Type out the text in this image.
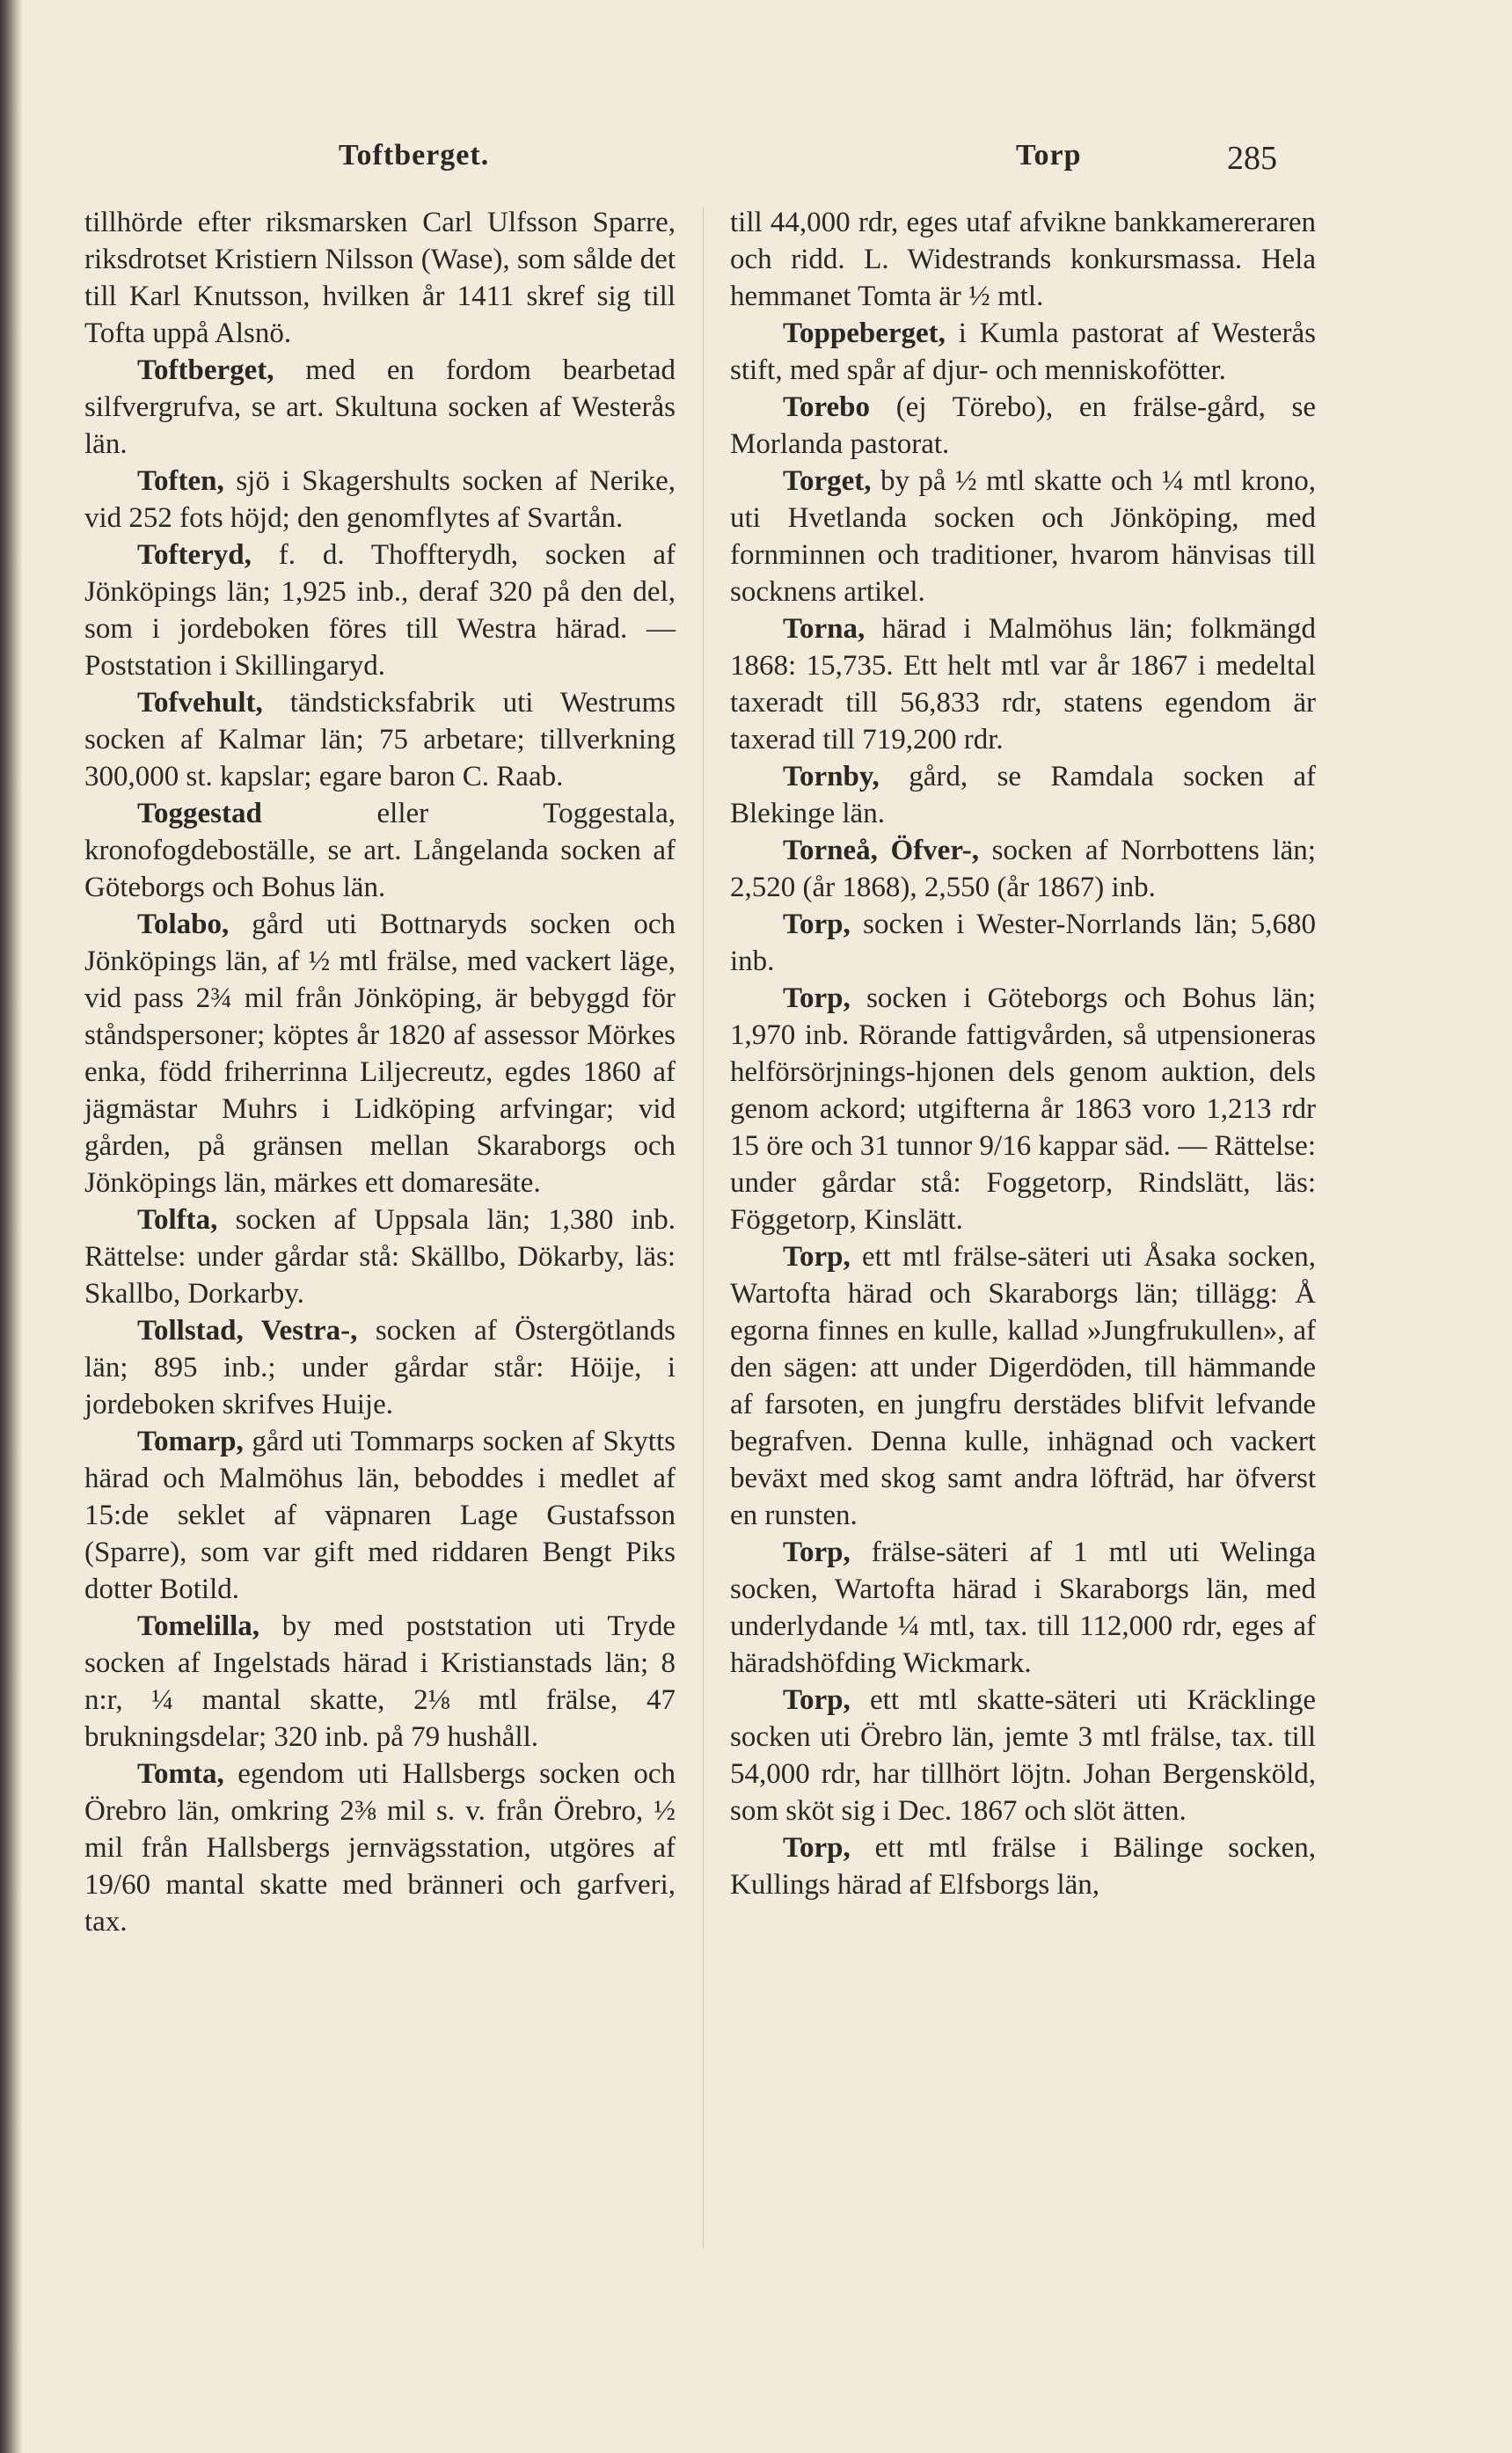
Toftberget.	Torp	285

tillhörde efter riksmarsken Carl Ulfsson Sparre, riksdrotset Kristiern Nilsson (Wase), som sålde det till Karl Knutsson, hvilken år 1411 skref sig till Tofta uppå Alsnö.

Toftberget, med en fordom bearbetad silfvergrufva, se art. Skultuna socken af Westerås län.

Toften, sjö i Skagershults socken af Nerike, vid 252 fots höjd; den genomflytes af Svartån.

Tofteryd, f. d. Thoffterydh, socken af Jönköpings län; 1,925 inb., deraf 320 på den del, som i jordeboken föres till Westra härad. — Poststation i Skillingaryd.

Tofvehult, tändsticksfabrik uti Westrums socken af Kalmar län; 75 arbetare; tillverkning 300,000 st. kapslar; egare baron C. Raab.

Toggestad eller Toggestala, kronofogdeboställe, se art. Långelanda socken af Göteborgs och Bohus län.

Tolabo, gård uti Bottnaryds socken och Jönköpings län, af ½ mtl frälse, med vackert läge, vid pass 2¾ mil från Jönköping, är bebyggd för ståndspersoner; köptes år 1820 af assessor Mörkes enka, född friherrinna Liljecreutz, egdes 1860 af jägmästar Muhrs i Lidköping arfvingar; vid gården, på gränsen mellan Skaraborgs och Jönköpings län, märkes ett domaresäte.

Tolfta, socken af Uppsala län; 1,380 inb. Rättelse: under gårdar stå: Skällbo, Dökarby, läs: Skallbo, Dorkarby.

Tollstad, Vestra-, socken af Östergötlands län; 895 inb.; under gårdar står: Höije, i jordeboken skrifves Huije.

Tomarp, gård uti Tommarps socken af Skytts härad och Malmöhus län, beboddes i medlet af 15:de seklet af väpnaren Lage Gustafsson (Sparre), som var gift med riddaren Bengt Piks dotter Botild.

Tomelilla, by med poststation uti Tryde socken af Ingelstads härad i Kristianstads län; 8 n:r, ¼ mantal skatte, 2⅛ mtl frälse, 47 brukningsdelar; 320 inb. på 79 hushåll.

Tomta, egendom uti Hallsbergs socken och Örebro län, omkring 2⅜ mil s. v. från Örebro, ½ mil från Hallsbergs jernvägsstation, utgöres af 19/60 mantal skatte med bränneri och garfveri, tax.

till 44,000 rdr, eges utaf afvikne bankkamereraren och ridd. L. Widestrands konkursmassa. Hela hemmanet Tomta är ½ mtl.

Toppeberget, i Kumla pastorat af Westerås stift, med spår af djur- och menniskofötter.

Torebo (ej Törebo), en frälse-gård, se Morlanda pastorat.

Torget, by på ½ mtl skatte och ¼ mtl krono, uti Hvetlanda socken och Jönköping, med fornminnen och traditioner, hvarom hänvisas till socknens artikel.

Torna, härad i Malmöhus län; folkmängd 1868: 15,735. Ett helt mtl var år 1867 i medeltal taxeradt till 56,833 rdr, statens egendom är taxerad till 719,200 rdr.

Tornby, gård, se Ramdala socken af Blekinge län.

Torneå, Öfver-, socken af Norrbottens län; 2,520 (år 1868), 2,550 (år 1867) inb.

Torp, socken i Wester-Norrlands län; 5,680 inb.

Torp, socken i Göteborgs och Bohus län; 1,970 inb. Rörande fattigvården, så utpensioneras helförsörjnings-hjonen dels genom auktion, dels genom ackord; utgifterna år 1863 voro 1,213 rdr 15 öre och 31 tunnor 9/16 kappar säd. — Rättelse: under gårdar stå: Foggetorp, Rindslätt, läs: Föggetorp, Kinslätt.

Torp, ett mtl frälse-säteri uti Åsaka socken, Wartofta härad och Skaraborgs län; tillägg: Å egorna finnes en kulle, kallad »Jungfrukullen», af den sägen: att under Digerdöden, till hämmande af farsoten, en jungfru derstädes blifvit lefvande begrafven. Denna kulle, inhägnad och vackert beväxt med skog samt andra löfträd, har öfverst en runsten.

Torp, frälse-säteri af 1 mtl uti Welinga socken, Wartofta härad i Skaraborgs län, med underlydande ¼ mtl, tax. till 112,000 rdr, eges af häradshöfding Wickmark.

Torp, ett mtl skatte-säteri uti Kräcklinge socken uti Örebro län, jemte 3 mtl frälse, tax. till 54,000 rdr, har tillhört löjtn. Johan Bergensköld, som sköt sig i Dec. 1867 och slöt ätten.

Torp, ett mtl frälse i Bälinge socken, Kullings härad af Elfsborgs län,
